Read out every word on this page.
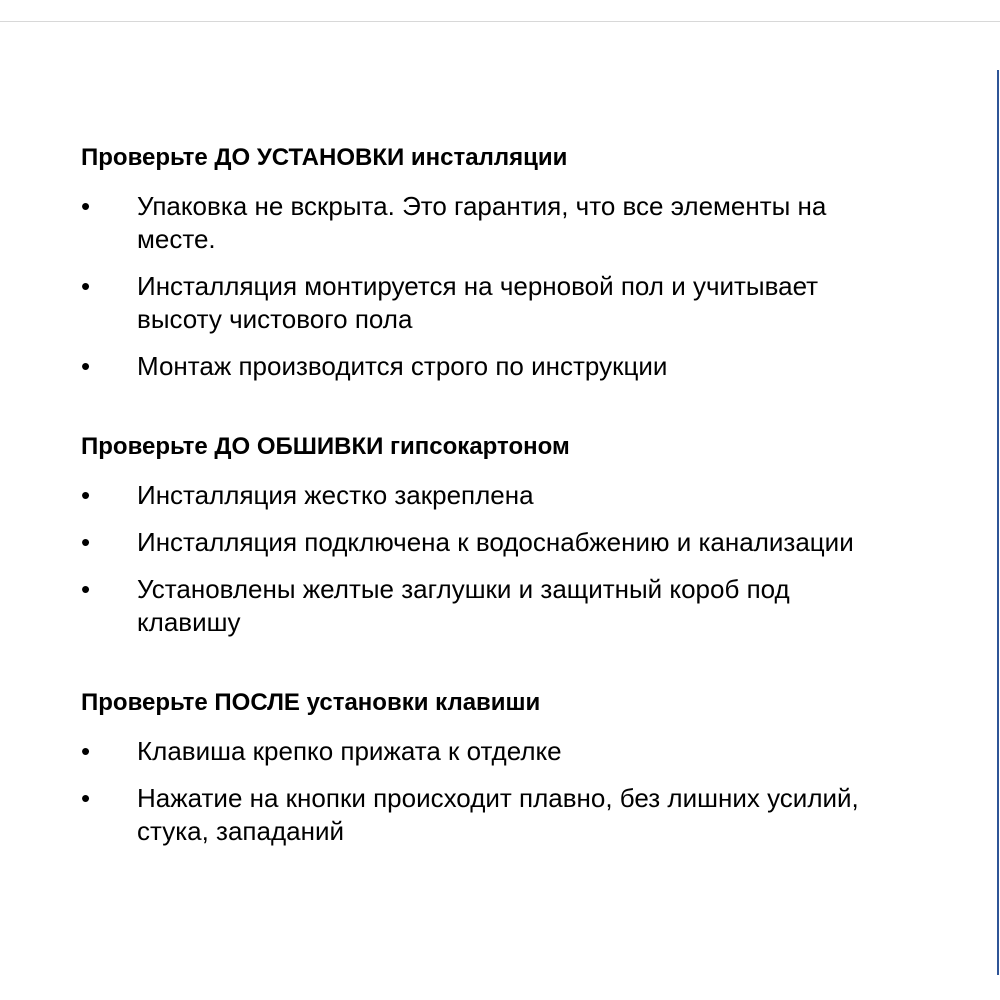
Проверьте ДО УСТАНОВКИ инсталляции
•	Упаковка не вскрыта. Это гарантия, что все элементы на месте.
•	Инсталляция монтируется на черновой пол и учитывает высоту чистового пола
•	Монтаж производится строго по инструкции
Проверьте ДО ОБШИВКИ гипсокартоном
•	Инсталляция жестко закреплена
•	Инсталляция подключена к водоснабжению и канализации
•	Установлены желтые заглушки и защитный короб под клавишу
Проверьте ПОСЛЕ установки клавиши
•	Клавиша крепко прижата к отделке
•	Нажатие на кнопки происходит плавно, без лишних усилий, стука, западаний
